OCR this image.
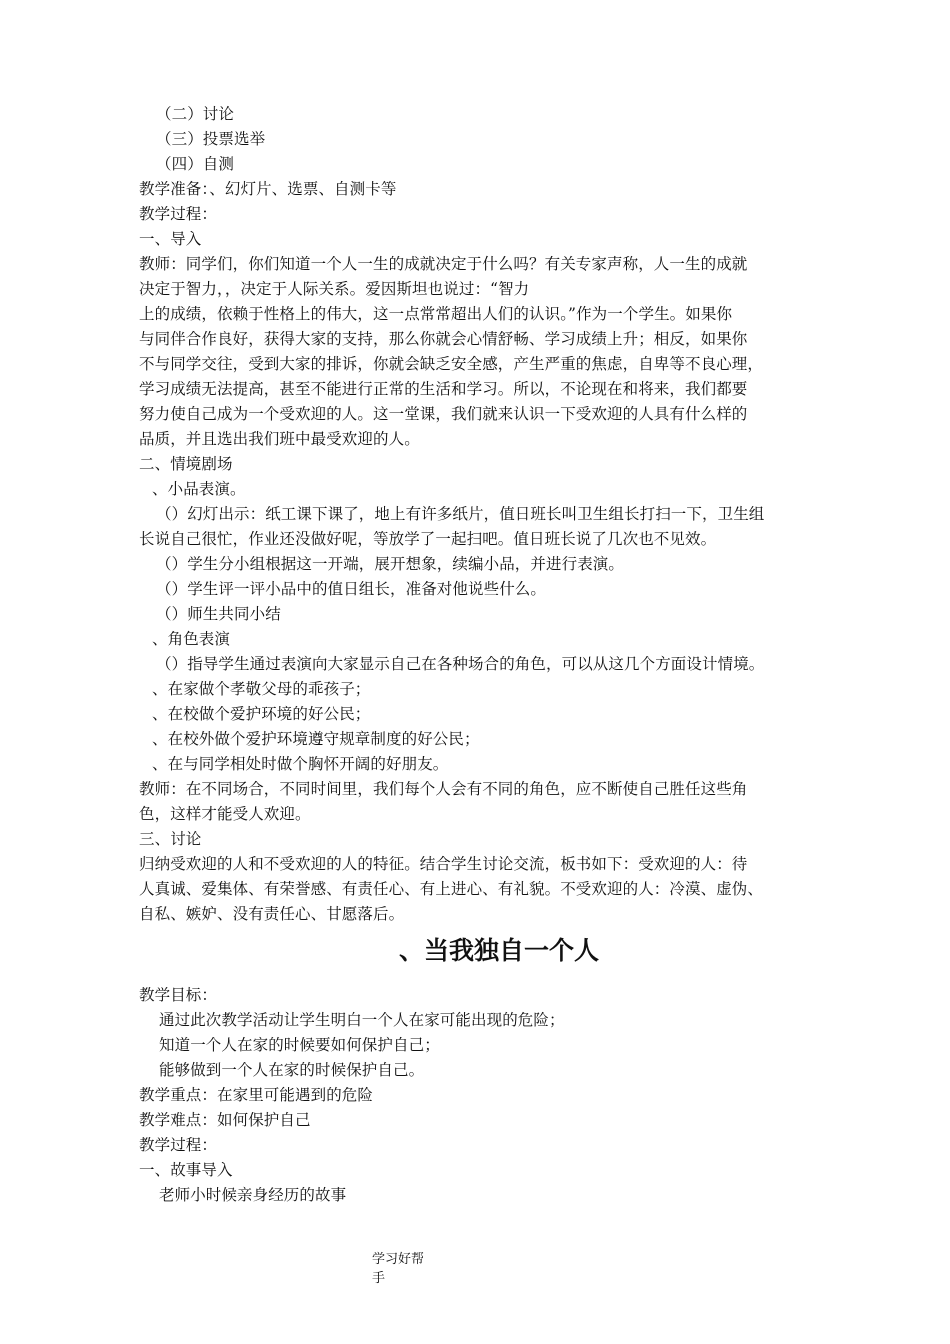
（二）讨论
（三）投票选举
（四）自测
教学准备：、幻灯片、选票、自测卡等
教学过程：
一、导入
教师：同学们，你们知道一个人一生的成就决定于什么吗？有关专家声称，人一生的成就
决定于智力，，决定于人际关系。爱因斯坦也说过：“智力
上的成绩，依赖于性格上的伟大，这一点常常超出人们的认识。”作为一个学生。如果你
与同伴合作良好，获得大家的支持，那么你就会心情舒畅、学习成绩上升；相反，如果你
不与同学交往，受到大家的排诉，你就会缺乏安全感，产生严重的焦虑，自卑等不良心理，
学习成绩无法提高，甚至不能进行正常的生活和学习。所以，不论现在和将来，我们都要
努力使自己成为一个受欢迎的人。这一堂课，我们就来认识一下受欢迎的人具有什么样的
品质，并且选出我们班中最受欢迎的人。
二、情境剧场
、小品表演。
（）幻灯出示：纸工课下课了，地上有许多纸片，值日班长叫卫生组长打扫一下，卫生组
长说自己很忙，作业还没做好呢，等放学了一起扫吧。值日班长说了几次也不见效。
（）学生分小组根据这一开端，展开想象，续编小品，并进行表演。
（）学生评一评小品中的值日组长，准备对他说些什么。
（）师生共同小结
、角色表演
（）指导学生通过表演向大家显示自己在各种场合的角色，可以从这几个方面设计情境。
、在家做个孝敬父母的乖孩子；
、在校做个爱护环境的好公民；
、在校外做个爱护环境遵守规章制度的好公民；
、在与同学相处时做个胸怀开阔的好朋友。
教师：在不同场合，不同时间里，我们每个人会有不同的角色，应不断使自己胜任这些角
色，这样才能受人欢迎。
三、讨论
归纳受欢迎的人和不受欢迎的人的特征。结合学生讨论交流，板书如下：受欢迎的人：待
人真诚、爱集体、有荣誉感、有责任心、有上进心、有礼貌。不受欢迎的人：冷漠、虚伪、
自私、嫉妒、没有责任心、甘愿落后。
、当我独自一个人
教学目标：
通过此次教学活动让学生明白一个人在家可能出现的危险；
知道一个人在家的时候要如何保护自己；
能够做到一个人在家的时候保护自己。
教学重点：在家里可能遇到的危险
教学难点：如何保护自己
教学过程：
一、故事导入
老师小时候亲身经历的故事
学习好帮
手
